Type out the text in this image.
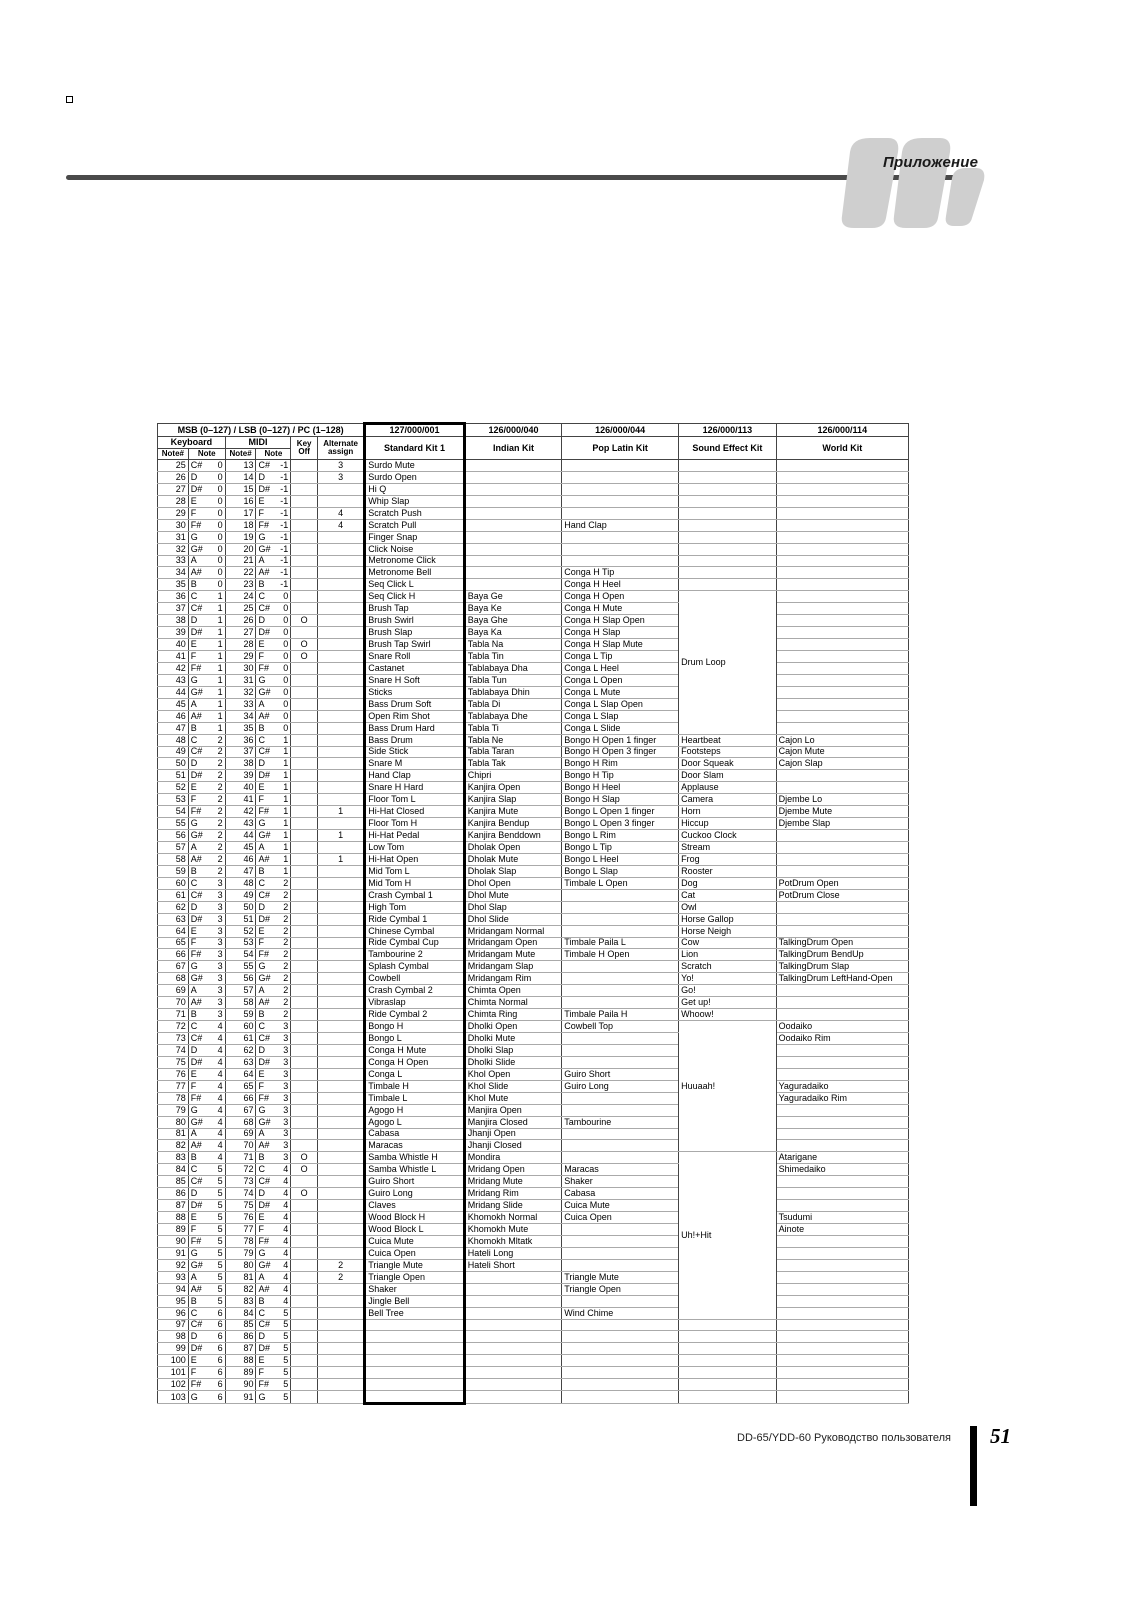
Приложение
MSB (0–127) / LSB (0–127) / PC (1–128)								127/000/001	126/000/040	126/000/044	126/000/113	126/000/114
Keyboard			MIDI			Key Off	Alternate assign	Standard Kit 1	Indian Kit	Pop Latin Kit	Sound Effect Kit	World Kit
Note#	Note		Note#	Note								
25	C#	0	13	C#	-1		3	Surdo Mute				
26	D	0	14	D	-1		3	Surdo Open				
27	D#	0	15	D#	-1			Hi Q				
28	E	0	16	E	-1			Whip Slap				
29	F	0	17	F	-1		4	Scratch Push				
30	F#	0	18	F#	-1		4	Scratch Pull		Hand Clap		
31	G	0	19	G	-1			Finger Snap				
32	G#	0	20	G#	-1			Click Noise				
33	A	0	21	A	-1			Metronome Click				
34	A#	0	22	A#	-1			Metronome Bell		Conga H Tip		
35	B	0	23	B	-1			Seq Click L		Conga H Heel		
36	C	1	24	C	0			Seq Click H	Baya Ge	Conga H Open	Drum Loop	
37	C#	1	25	C#	0			Brush Tap	Baya Ke	Conga H Mute		
38	D	1	26	D	0	O		Brush Swirl	Baya Ghe	Conga H Slap Open		
39	D#	1	27	D#	0			Brush Slap	Baya Ka	Conga H Slap		
40	E	1	28	E	0	O		Brush Tap Swirl	Tabla Na	Conga H Slap Mute		
41	F	1	29	F	0	O		Snare Roll	Tabla Tin	Conga L Tip		
42	F#	1	30	F#	0			Castanet	Tablabaya Dha	Conga L Heel		
43	G	1	31	G	0			Snare H Soft	Tabla Tun	Conga L Open		
44	G#	1	32	G#	0			Sticks	Tablabaya Dhin	Conga L Mute		
45	A	1	33	A	0			Bass Drum Soft	Tabla Di	Conga L Slap Open		
46	A#	1	34	A#	0			Open Rim Shot	Tablabaya Dhe	Conga L Slap		
47	B	1	35	B	0			Bass Drum Hard	Tabla Ti	Conga L Slide		
48	C	2	36	C	1			Bass Drum	Tabla Ne	Bongo H Open 1 finger	Heartbeat	Cajon Lo
49	C#	2	37	C#	1			Side Stick	Tabla Taran	Bongo H Open 3 finger	Footsteps	Cajon Mute
50	D	2	38	D	1			Snare M	Tabla Tak	Bongo H Rim	Door Squeak	Cajon Slap
51	D#	2	39	D#	1			Hand Clap	Chipri	Bongo H Tip	Door Slam	
52	E	2	40	E	1			Snare H Hard	Kanjira Open	Bongo H Heel	Applause	
53	F	2	41	F	1			Floor Tom L	Kanjira Slap	Bongo H Slap	Camera	Djembe Lo
54	F#	2	42	F#	1		1	Hi-Hat Closed	Kanjira Mute	Bongo L Open 1 finger	Horn	Djembe Mute
55	G	2	43	G	1			Floor Tom H	Kanjira Bendup	Bongo L Open 3 finger	Hiccup	Djembe Slap
56	G#	2	44	G#	1		1	Hi-Hat Pedal	Kanjira Benddown	Bongo L Rim	Cuckoo Clock	
57	A	2	45	A	1			Low Tom	Dholak Open	Bongo L Tip	Stream	
58	A#	2	46	A#	1		1	Hi-Hat Open	Dholak Mute	Bongo L Heel	Frog	
59	B	2	47	B	1			Mid Tom L	Dholak Slap	Bongo L Slap	Rooster	
60	C	3	48	C	2			Mid Tom H	Dhol Open	Timbale L Open	Dog	PotDrum Open
61	C#	3	49	C#	2			Crash Cymbal 1	Dhol Mute		Cat	PotDrum Close
62	D	3	50	D	2			High Tom	Dhol Slap		Owl	
63	D#	3	51	D#	2			Ride Cymbal 1	Dhol Slide		Horse Gallop	
64	E	3	52	E	2			Chinese Cymbal	Mridangam Normal		Horse Neigh	
65	F	3	53	F	2			Ride Cymbal Cup	Mridangam Open	Timbale Paila L	Cow	TalkingDrum Open
66	F#	3	54	F#	2			Tambourine 2	Mridangam Mute	Timbale H Open	Lion	TalkingDrum BendUp
67	G	3	55	G	2			Splash Cymbal	Mridangam Slap		Scratch	TalkingDrum Slap
68	G#	3	56	G#	2			Cowbell	Mridangam Rim		Yo!	TalkingDrum LeftHand-Open
69	A	3	57	A	2			Crash Cymbal 2	Chimta Open		Go!	
70	A#	3	58	A#	2			Vibraslap	Chimta Normal		Get up!	
71	B	3	59	B	2			Ride Cymbal 2	Chimta Ring	Timbale Paila H	Whoow!	
72	C	4	60	C	3			Bongo H	Dholki Open	Cowbell Top	Huuaah!	Oodaiko
73	C#	4	61	C#	3			Bongo L	Dholki Mute			Oodaiko Rim
74	D	4	62	D	3			Conga H Mute	Dholki Slap			
75	D#	4	63	D#	3			Conga H Open	Dholki Slide			
76	E	4	64	E	3			Conga L	Khol Open	Guiro Short		
77	F	4	65	F	3			Timbale H	Khol Slide	Guiro Long		Yaguradaiko
78	F#	4	66	F#	3			Timbale L	Khol Mute			Yaguradaiko Rim
79	G	4	67	G	3			Agogo H	Manjira Open			
80	G#	4	68	G#	3			Agogo L	Manjira Closed	Tambourine		
81	A	4	69	A	3			Cabasa	Jhanji Open			
82	A#	4	70	A#	3			Maracas	Jhanji Closed			
83	B	4	71	B	3	O		Samba Whistle H	Mondira		Uh!+Hit	Atarigane
84	C	5	72	C	4	O		Samba Whistle L	Mridang Open	Maracas		Shimedaiko
85	C#	5	73	C#	4			Guiro Short	Mridang Mute	Shaker		
86	D	5	74	D	4	O		Guiro Long	Mridang Rim	Cabasa		
87	D#	5	75	D#	4			Claves	Mridang Slide	Cuica Mute		
88	E	5	76	E	4			Wood Block H	Khomokh Normal	Cuica Open		Tsudumi
89	F	5	77	F	4			Wood Block L	Khomokh Mute			Ainote
90	F#	5	78	F#	4			Cuica Mute	Khomokh Mltatk			
91	G	5	79	G	4			Cuica Open	Hateli Long			
92	G#	5	80	G#	4		2	Triangle Mute	Hateli Short			
93	A	5	81	A	4		2	Triangle Open		Triangle Mute		
94	A#	5	82	A#	4			Shaker		Triangle Open		
95	B	5	83	B	4			Jingle Bell				
96	C	6	84	C	5			Bell Tree		Wind Chime		
97	C#	6	85	C#	5							
98	D	6	86	D	5							
99	D#	6	87	D#	5							
100	E	6	88	E	5							
101	F	6	89	F	5							
102	F#	6	90	F#	5							
103	G	6	91	G	5							
DD-65/YDD-60 Руководство пользователя 51
